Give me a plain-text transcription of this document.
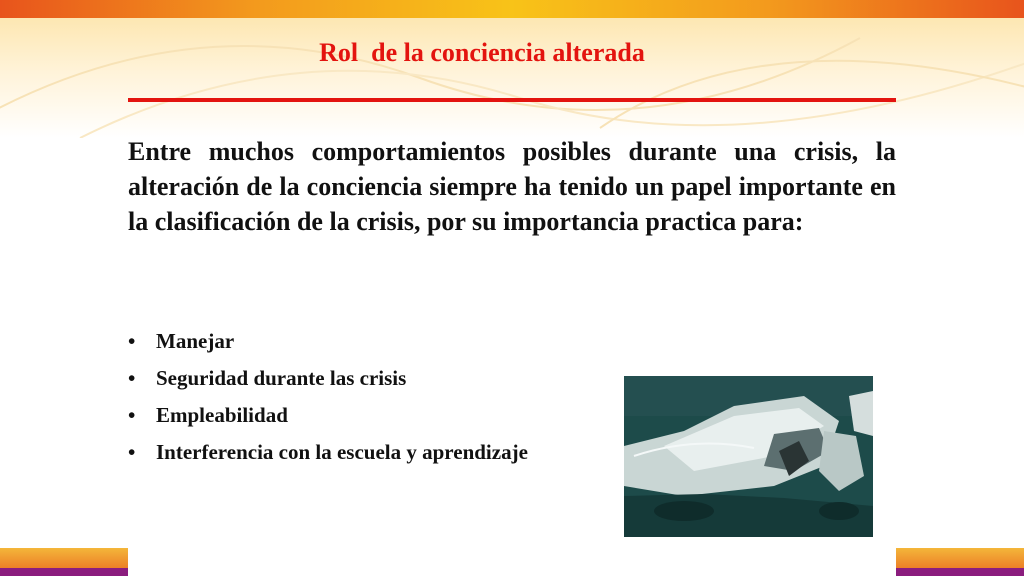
Rol  de la conciencia alterada
Entre muchos comportamientos posibles durante una crisis, la alteración de la conciencia siempre ha tenido un papel importante en la clasificación de la crisis, por su importancia practica para:
• Manejar
• Seguridad durante las crisis
• Empleabilidad
• Interferencia con la escuela y aprendizaje
